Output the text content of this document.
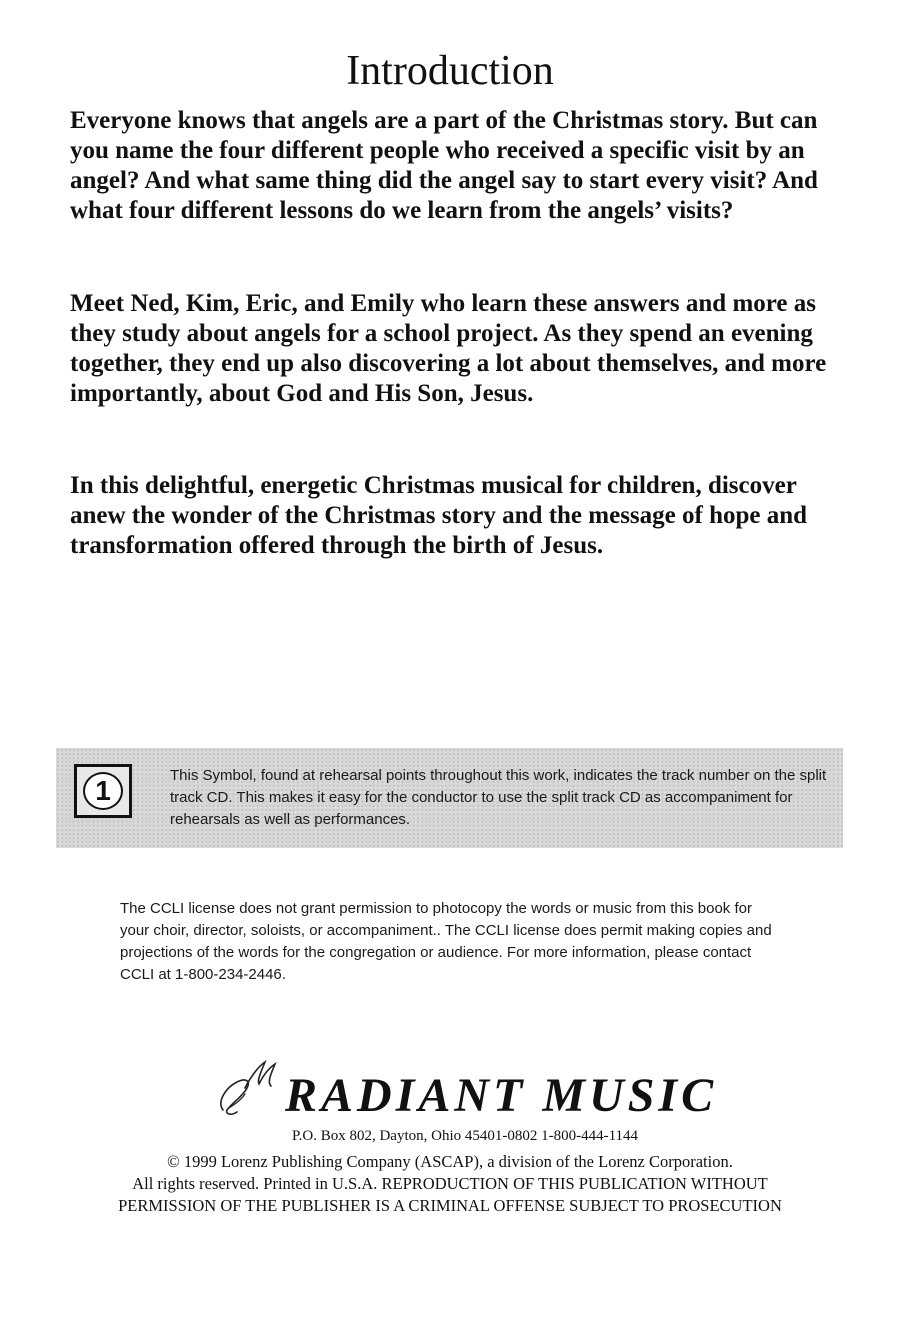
Introduction

Everyone knows that angels are a part of the Christmas story. But can you name the four different people who received a specific visit by an angel? And what same thing did the angel say to start every visit? And what four different lessons do we learn from the angels’ visits?

Meet Ned, Kim, Eric, and Emily who learn these answers and more as they study about angels for a school project. As they spend an evening together, they end up also discovering a lot about themselves, and more importantly, about God and His Son, Jesus.

In this delightful, energetic Christmas musical for children, discover anew the wonder of the Christmas story and the message of hope and transformation offered through the birth of Jesus.

1	This Symbol, found at rehearsal points throughout this work, indicates the track number on the split track CD. This makes it easy for the conductor to use the split track CD as accompaniment for rehearsals as well as performances.

The CCLI license does not grant permission to photocopy the words or music from this book for your choir, director, soloists, or accompaniment.. The CCLI license does permit making copies and projections of the words for the congregation or audience. For more information, please contact CCLI at 1-800-234-2446.

RADIANT MUSIC

P.O. Box 802, Dayton, Ohio 45401-0802 1-800-444-1144

© 1999 Lorenz Publishing Company (ASCAP), a division of the Lorenz Corporation.
All rights reserved. Printed in U.S.A. REPRODUCTION OF THIS PUBLICATION WITHOUT
PERMISSION OF THE PUBLISHER IS A CRIMINAL OFFENSE SUBJECT TO PROSECUTION
